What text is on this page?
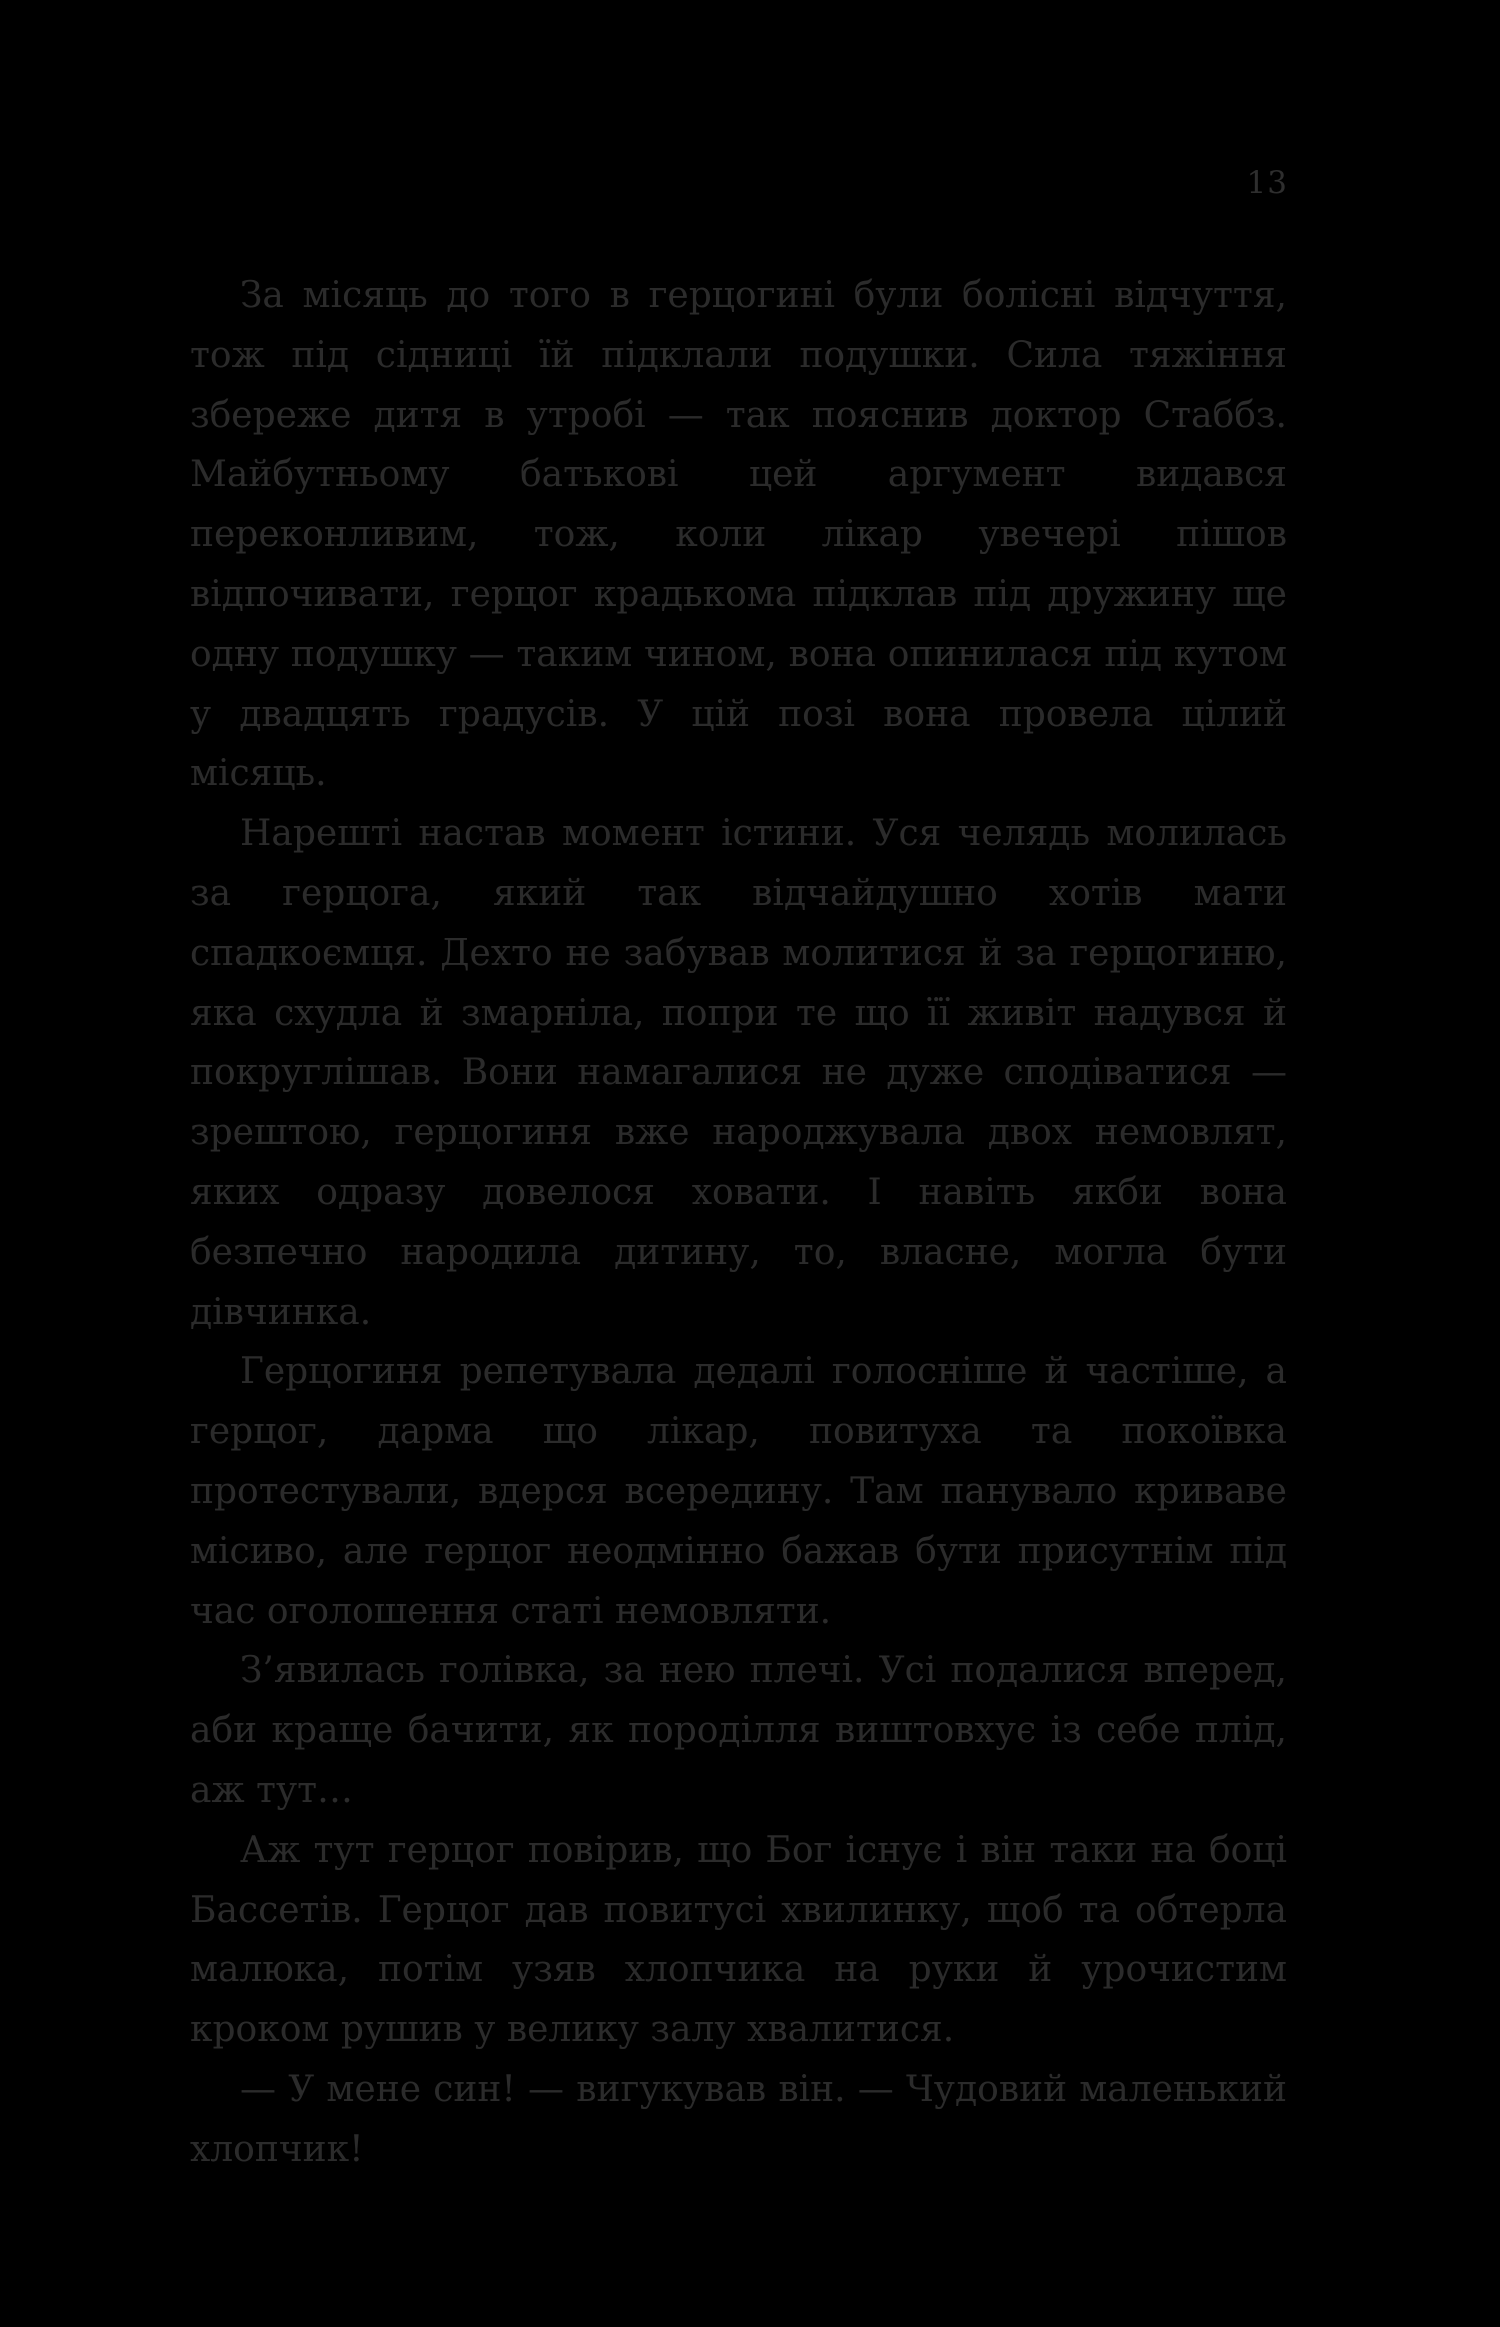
13

За місяць до того в герцогині були болісні відчуття, тож під сідниці їй підклали подушки. Сила тяжіння збереже дитя в утробі — так пояснив доктор Стаббз. Майбутньому батькові цей аргумент видався переконливим, тож, коли лікар увечері пішов відпочивати, герцог крадькома підклав під дружину ще одну подушку — таким чином, вона опинилася під кутом у двадцять градусів. У цій позі вона провела цілий місяць.

Нарешті настав момент істини. Уся челядь молилась за герцога, який так відчайдушно хотів мати спадкоємця. Дехто не забував молитися й за герцогиню, яка схудла й змарніла, попри те що її живіт надувся й покруглішав. Вони намагалися не дуже сподіватися — зрештою, герцогиня вже народжувала двох немовлят, яких одразу довелося ховати. І навіть якби вона безпечно народила дитину, то, власне, могла бути дівчинка.

Герцогиня репетувала дедалі голосніше й частіше, а герцог, дарма що лікар, повитуха та покоївка протестували, вдерся всередину. Там панувало криваве місиво, але герцог неодмінно бажав бути присутнім під час оголошення статі немовляти.

З’явилась голівка, за нею плечі. Усі подалися вперед, аби краще бачити, як породілля виштовхує із себе плід, аж тут…

Аж тут герцог повірив, що Бог існує і він таки на боці Бассетів. Герцог дав повитусі хвилинку, щоб та обтерла малюка, потім узяв хлопчика на руки й урочистим кроком рушив у велику залу хвалитися.

— У мене син! — вигукував він. — Чудовий маленький хлопчик!
